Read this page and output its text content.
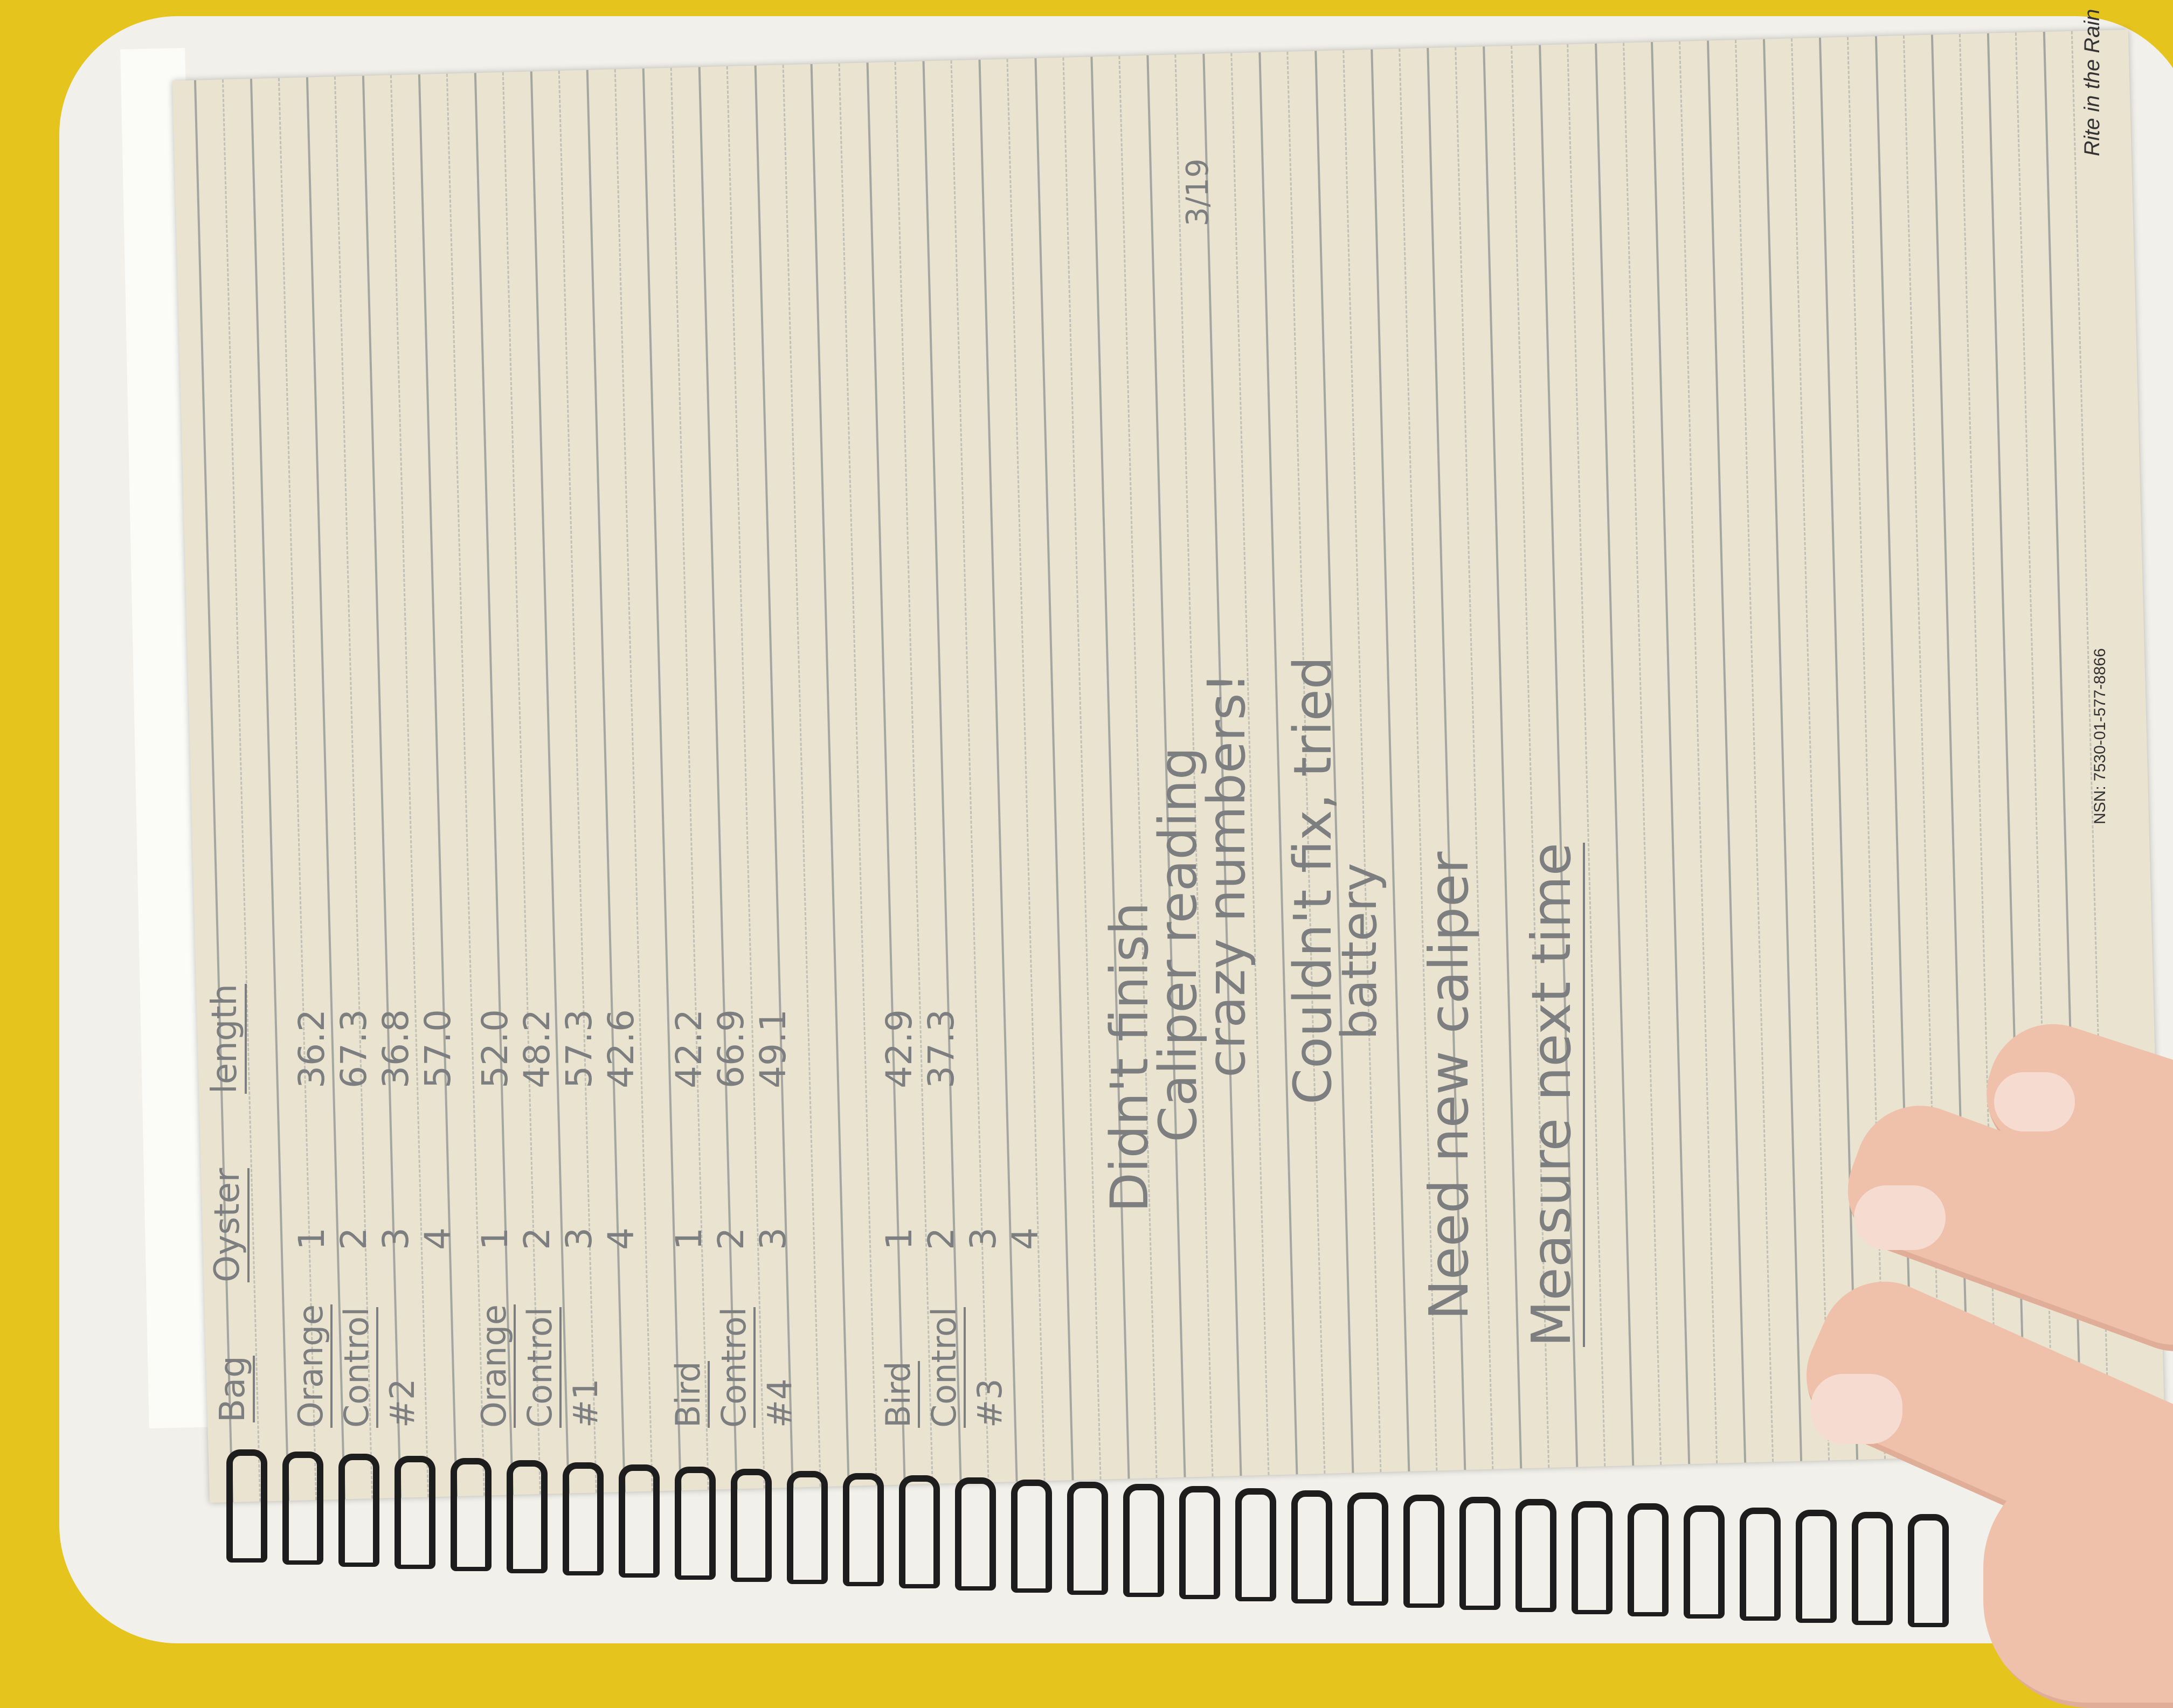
3/19
Bag
Oyster
length
Orange Control #2
1
36.2
2
67.3
3
36.8
4
57.0
Orange Control #1
1
52.0
2
48.2
3
57.3
4
42.6
Bird Control #4
1
42.2
2
66.9
3
49.1
Bird Control #3
1
42.9
2
37.3
3 4
Didn't finish
Caliper reading
crazy numbers! Couldn't fix, tried
battery Need new caliper Measure next time
Rite in the Rain
NSN: 7530-01-577-8866
